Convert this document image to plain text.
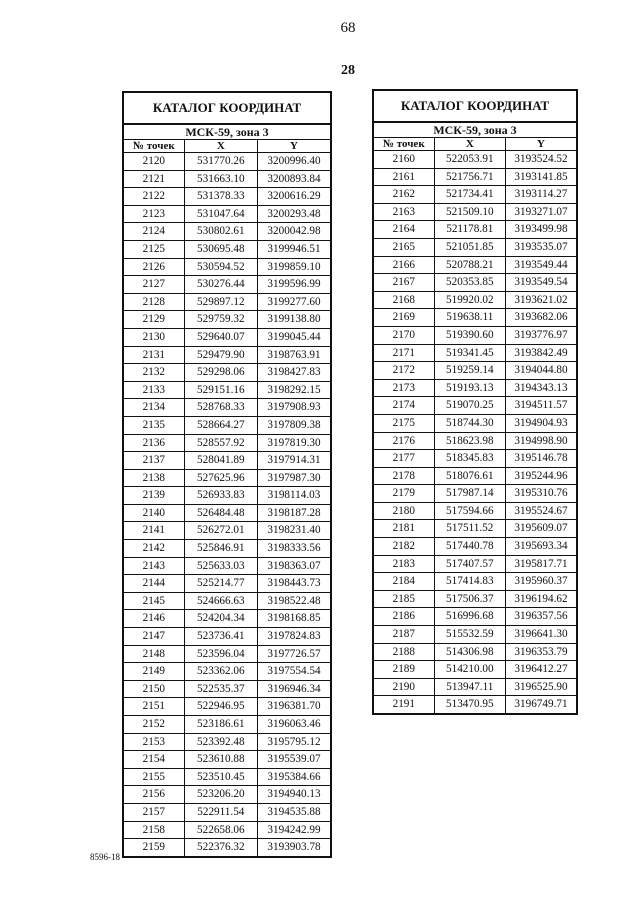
68
28
КАТАЛОГ КООРДИНАТ		
МСК-59, зона 3		
№ точек	X	Y
2120	531770.26	3200996.40
2121	531663.10	3200893.84
2122	531378.33	3200616.29
2123	531047.64	3200293.48
2124	530802.61	3200042.98
2125	530695.48	3199946.51
2126	530594.52	3199859.10
2127	530276.44	3199596.99
2128	529897.12	3199277.60
2129	529759.32	3199138.80
2130	529640.07	3199045.44
2131	529479.90	3198763.91
2132	529298.06	3198427.83
2133	529151.16	3198292.15
2134	528768.33	3197908.93
2135	528664.27	3197809.38
2136	528557.92	3197819.30
2137	528041.89	3197914.31
2138	527625.96	3197987.30
2139	526933.83	3198114.03
2140	526484.48	3198187.28
2141	526272.01	3198231.40
2142	525846.91	3198333.56
2143	525633.03	3198363.07
2144	525214.77	3198443.73
2145	524666.63	3198522.48
2146	524204.34	3198168.85
2147	523736.41	3197824.83
2148	523596.04	3197726.57
2149	523362.06	3197554.54
2150	522535.37	3196946.34
2151	522946.95	3196381.70
2152	523186.61	3196063.46
2153	523392.48	3195795.12
2154	523610.88	3195539.07
2155	523510.45	3195384.66
2156	523206.20	3194940.13
2157	522911.54	3194535.88
2158	522658.06	3194242.99
2159	522376.32	3193903.78
КАТАЛОГ КООРДИНАТ		
МСК-59, зона 3		
№ точек	X	Y
2160	522053.91	3193524.52
2161	521756.71	3193141.85
2162	521734.41	3193114.27
2163	521509.10	3193271.07
2164	521178.81	3193499.98
2165	521051.85	3193535.07
2166	520788.21	3193549.44
2167	520353.85	3193549.54
2168	519920.02	3193621.02
2169	519638.11	3193682.06
2170	519390.60	3193776.97
2171	519341.45	3193842.49
2172	519259.14	3194044.80
2173	519193.13	3194343.13
2174	519070.25	3194511.57
2175	518744.30	3194904.93
2176	518623.98	3194998.90
2177	518345.83	3195146.78
2178	518076.61	3195244.96
2179	517987.14	3195310.76
2180	517594.66	3195524.67
2181	517511.52	3195609.07
2182	517440.78	3195693.34
2183	517407.57	3195817.71
2184	517414.83	3195960.37
2185	517506.37	3196194.62
2186	516996.68	3196357.56
2187	515532.59	3196641.30
2188	514306.98	3196353.79
2189	514210.00	3196412.27
2190	513947.11	3196525.90
2191	513470.95	3196749.71
8596-18
